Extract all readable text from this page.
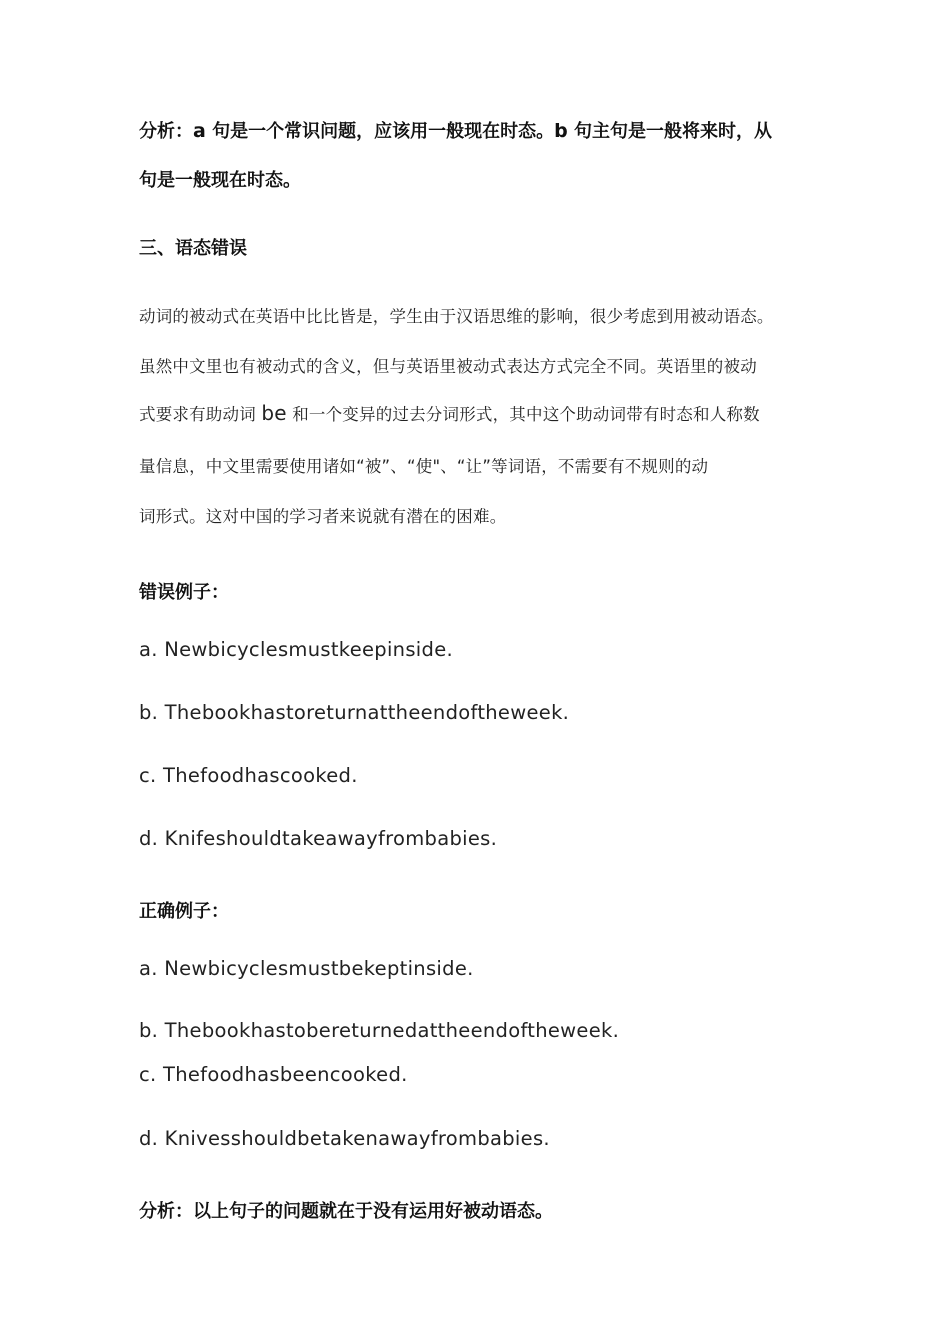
分析：a 句是一个常识问题，应该用一般现在时态。b 句主句是一般将来时，从

句是一般现在时态。

三、语态错误

动词的被动式在英语中比比皆是，学生由于汉语思维的影响，很少考虑到用被动语态。

虽然中文里也有被动式的含义，但与英语里被动式表达方式完全不同。英语里的被动

式要求有助动词 be 和一个变异的过去分词形式，其中这个助动词带有时态和人称数

量信息，中文里需要使用诸如“被”、“使"、“让”等词语，不需要有不规则的动

词形式。这对中国的学习者来说就有潜在的困难。

错误例子：

a. Newbicyclesmustkeepinside.

b. Thebookhastoreturnattheendoftheweek.

c. Thefoodhascooked.

d. Knifeshouldtakeawayfrombabies.

正确例子：

a. Newbicyclesmustbekeptinside.

b. Thebookhastobereturnedattheendoftheweek.

c. Thefoodhasbeencooked.

d. Knivesshouldbetakenawayfrombabies.

分析：以上句子的问题就在于没有运用好被动语态。
